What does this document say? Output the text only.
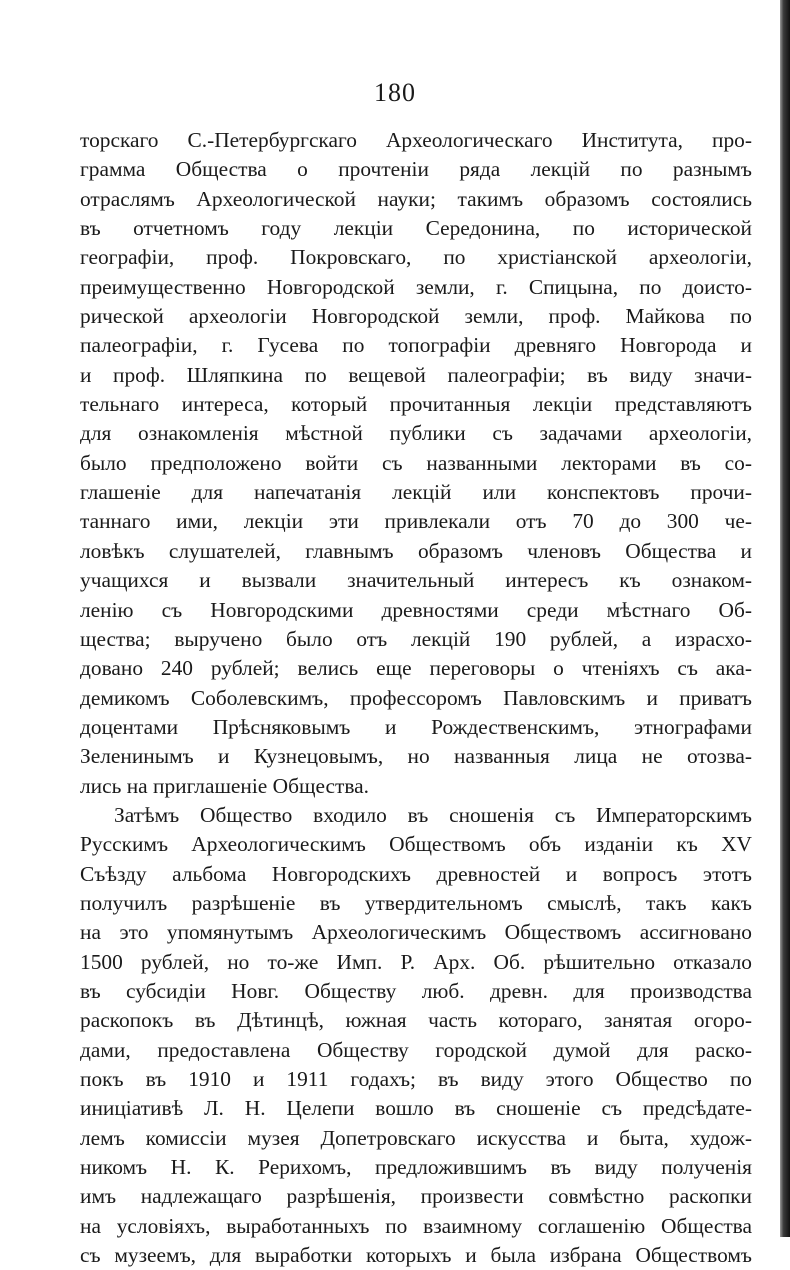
180
торскаго С.-Петербургскаго Археологическаго Института, про-
грамма Общества о прочтеніи ряда лекцій по разнымъ
отраслямъ Археологической науки; такимъ образомъ состоялись
въ отчетномъ году лекціи Середонина, по исторической
географіи, проф. Покровскаго, по христіанской археологіи,
преимущественно Новгородской земли, г. Спицына, по доисто-
рической археологіи Новгородской земли, проф. Майкова по
палеографіи, г. Гусева по топографіи древняго Новгорода и
и проф. Шляпкина по вещевой палеографіи; въ виду значи-
тельнаго интереса, который прочитанныя лекціи представляютъ
для ознакомленія мѣстной публики съ задачами археологіи,
было предположено войти съ названными лекторами въ со-
глашеніе для напечатанія лекцій или конспектовъ прочи-
таннаго ими, лекціи эти привлекали отъ 70 до 300 че-
ловѣкъ слушателей, главнымъ образомъ членовъ Общества и
учащихся и вызвали значительный интересъ къ ознаком-
ленію съ Новгородскими древностями среди мѣстнаго Об-
щества; выручено было отъ лекцій 190 рублей, а израсхо-
довано 240 рублей; велись еще переговоры о чтеніяхъ съ ака-
демикомъ Соболевскимъ, профессоромъ Павловскимъ и приватъ
доцентами Прѣсняковымъ и Рождественскимъ, этнографами
Зеленинымъ и Кузнецовымъ, но названныя лица не отозва-
лись на приглашеніе Общества.
Затѣмъ Общество входило въ сношенія съ Императорскимъ
Русскимъ Археологическимъ Обществомъ объ изданіи къ XV
Съѣзду альбома Новгородскихъ древностей и вопросъ этотъ
получилъ разрѣшеніе въ утвердительномъ смыслѣ, такъ какъ
на это упомянутымъ Археологическимъ Обществомъ ассигновано
1500 рублей, но то-же Имп. Р. Арх. Об. рѣшительно отказало
въ субсидіи Новг. Обществу люб. древн. для производства
раскопокъ въ Дѣтинцѣ, южная часть котораго, занятая огоро-
дами, предоставлена Обществу городской думой для раско-
покъ въ 1910 и 1911 годахъ; въ виду этого Общество по
иниціативѣ Л. Н. Целепи вошло въ сношеніе съ предсѣдате-
лемъ комиссіи музея Допетровскаго искусства и быта, худож-
никомъ Н. К. Рерихомъ, предложившимъ въ виду полученія
имъ надлежащаго разрѣшенія, произвести совмѣстно раскопки
на условіяхъ, выработанныхъ по взаимному соглашенію Общества
съ музеемъ, для выработки которыхъ и была избрана Обществомъ
